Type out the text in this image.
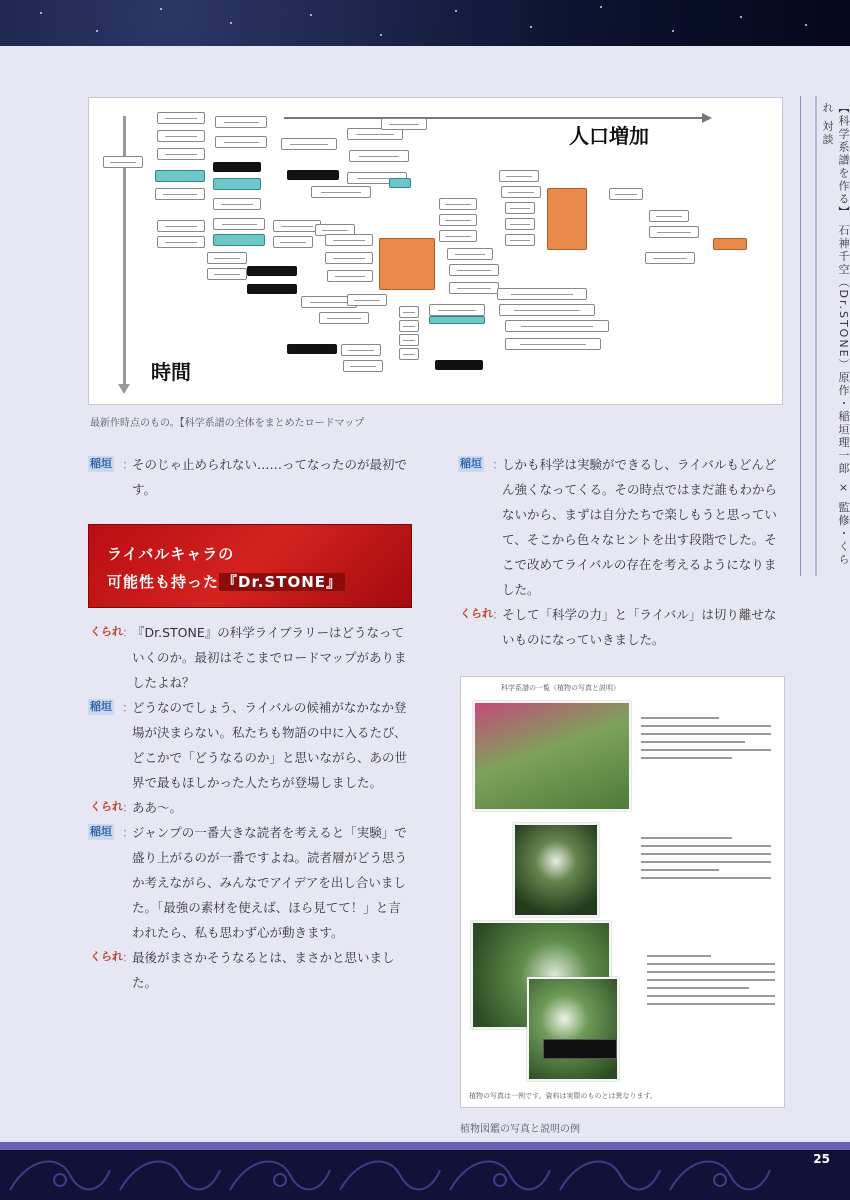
【科学系譜を作る】 石神千空（Dr.STONE）原作・稲垣理一郎 × 監修・くられ 対談
人口増加
時間
最新作時点のもの。【科学系譜の全体をまとめたロードマップ
稲垣 ：
そのじゃ止められない……ってなったのが最初です。
ライバルキャラの
可能性も持った 『Dr.STONE』
くられ ：
『Dr.STONE』の科学ライブラリーはどうなっていくのか。最初はそこまでロードマップがありましたよね？
稲垣 ：
どうなのでしょう、ライバルの候補がなかなか登場が決まらない。私たちも物語の中に入るたび、どこかで「どうなるのか」と思いながら、あの世界で最もほしかった人たちが登場しました。
くられ ：
ああ〜。
稲垣 ：
ジャンプの一番大きな読者を考えると「実験」で盛り上がるのが一番ですよね。読者層がどう思うか考えながら、みんなでアイデアを出し合いました。「最強の素材を使えば、ほら見てて！」と言われたら、私も思わず心が動きます。
くられ ：
最後がまさかそうなるとは、まさかと思いました。
稲垣 ：
しかも科学は実験ができるし、ライバルもどんどん強くなってくる。その時点ではまだ誰もわからないから、まずは自分たちで楽しもうと思っていて、そこから色々なヒントを出す段階でした。そこで改めてライバルの存在を考えるようになりました。
くられ ：
そして「科学の力」と「ライバル」は切り離せないものになっていきました。
科学系譜の一覧（植物の写真と説明）
植物の写真は一例です。資料は実際のものとは異なります。
植物図鑑の写真と説明の例
25
